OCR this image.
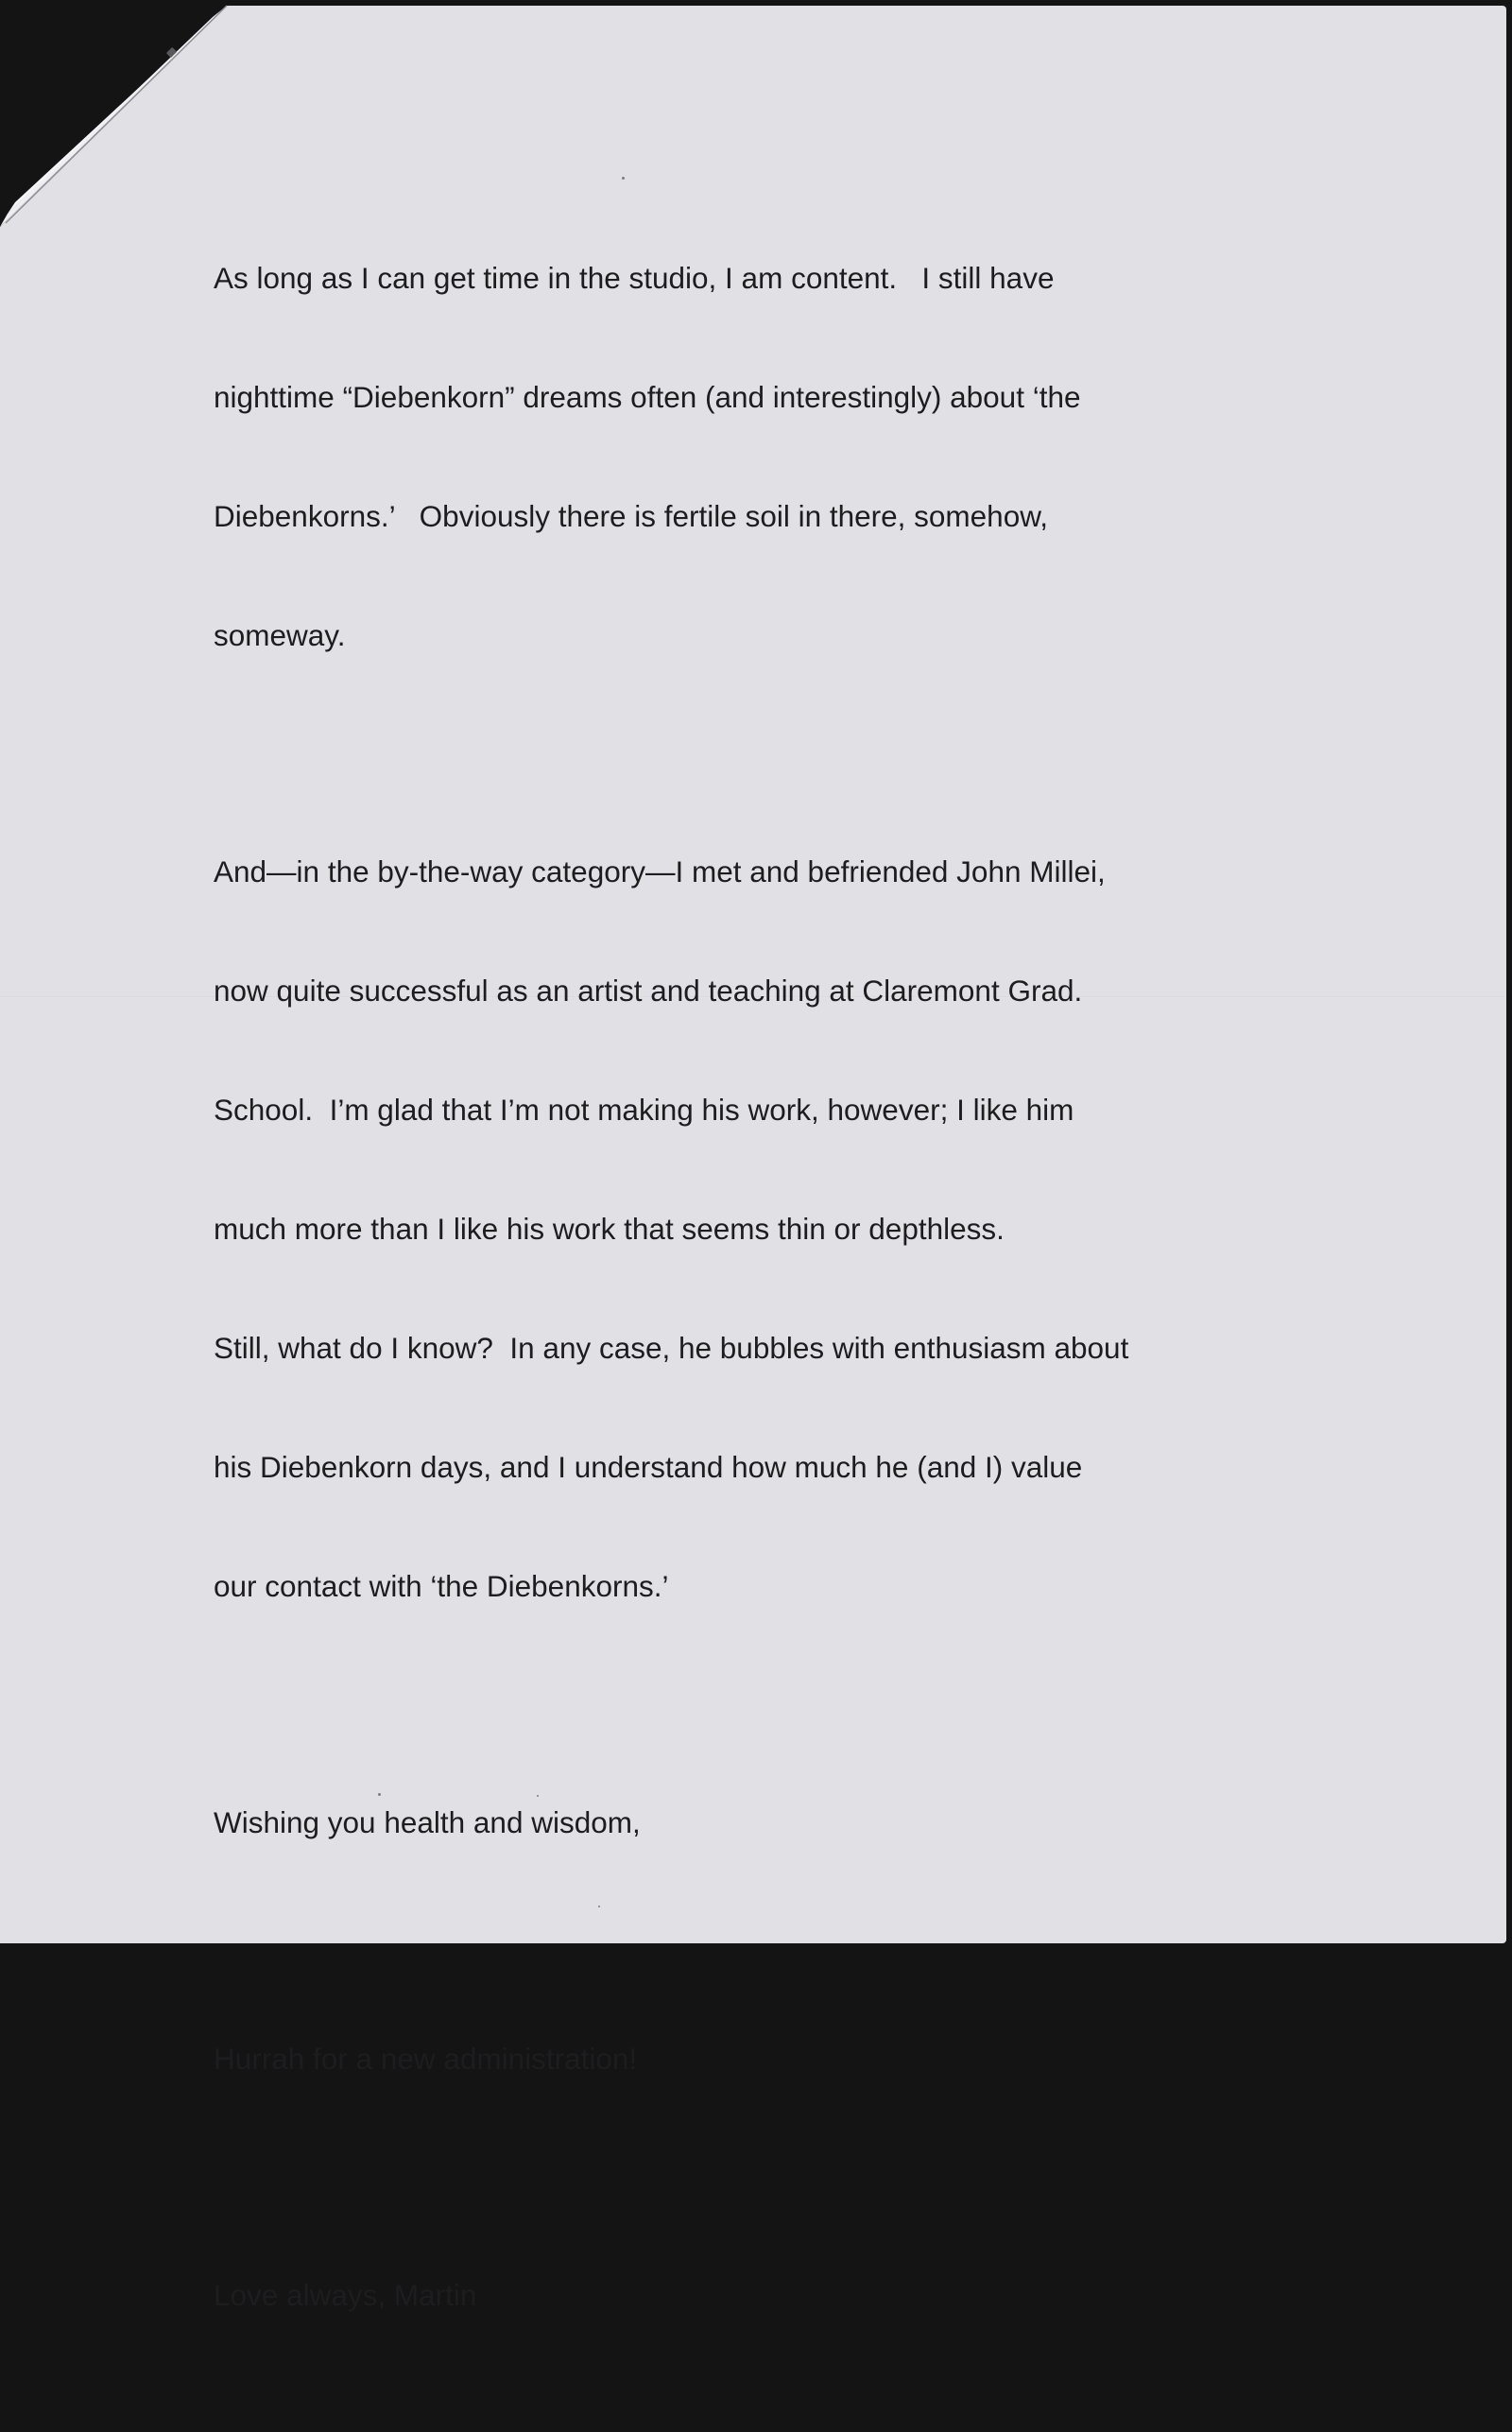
As long as I can get time in the studio, I am content.   I still have

nighttime “Diebenkorn” dreams often (and interestingly) about ‘the

Diebenkorns.’   Obviously there is fertile soil in there, somehow,

someway.

And—in the by-the-way category—I met and befriended John Millei,

now quite successful as an artist and teaching at Claremont Grad.

School.  I’m glad that I’m not making his work, however; I like him

much more than I like his work that seems thin or depthless.

Still, what do I know?  In any case, he bubbles with enthusiasm about

his Diebenkorn days, and I understand how much he (and I) value

our contact with ‘the Diebenkorns.’

Wishing you health and wisdom,

Hurrah for a new administration!

Love always, Martin
